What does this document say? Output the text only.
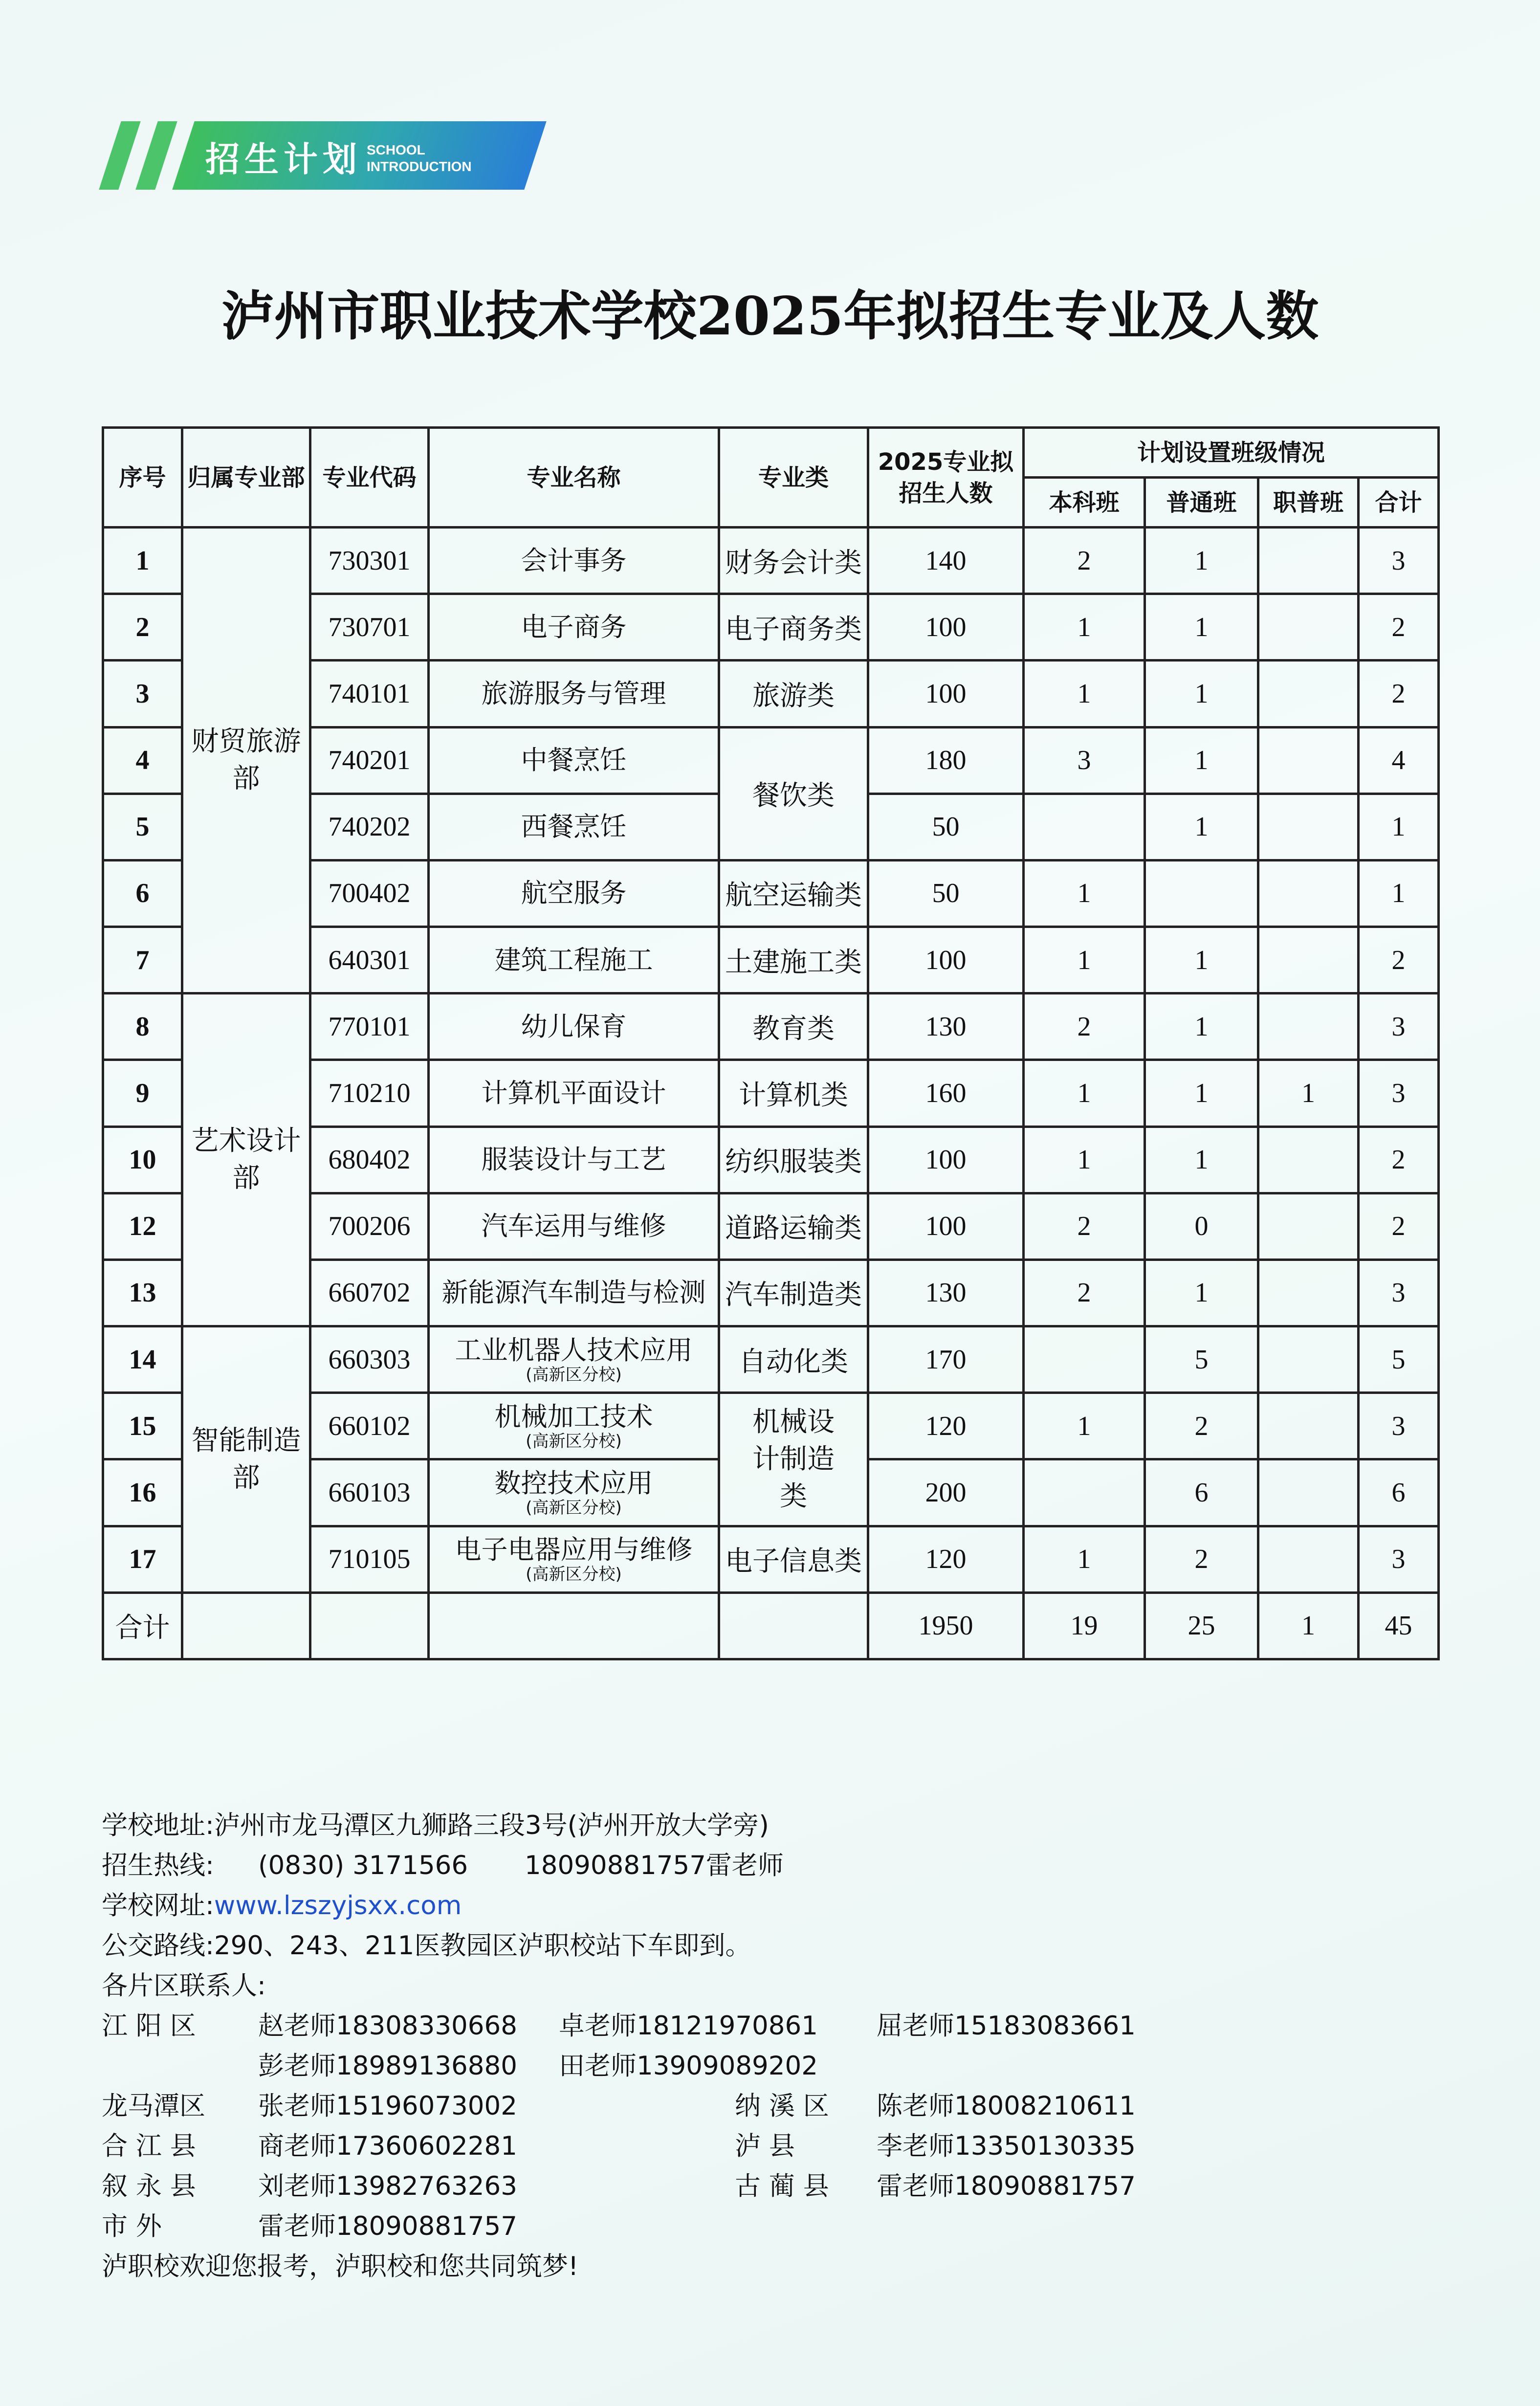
招生计划 SCHOOL
INTRODUCTION
泸州市职业技术学校2025年拟招生专业及人数
序号	归属专业部	专业代码	专业名称	专业类	2025专业拟招生人数	计划设置班级情况			
						本科班	普通班	职普班	合计
1	财贸旅游部	730301	会计事务	财务会计类	140	2	1		3
2		730701	电子商务	电子商务类	100	1	1		2
3		740101	旅游服务与管理	旅游类	100	1	1		2
4		740201	中餐烹饪	餐饮类	180	3	1		4
5		740202	西餐烹饪		50		1		1
6		700402	航空服务	航空运输类	50	1			1
7		640301	建筑工程施工	土建施工类	100	1	1		2
8	艺术设计部	770101	幼儿保育	教育类	130	2	1		3
9		710210	计算机平面设计	计算机类	160	1	1	1	3
10		680402	服装设计与工艺	纺织服装类	100	1	1		2
12		700206	汽车运用与维修	道路运输类	100	2	0		2
13		660702	新能源汽车制造与检测	汽车制造类	130	2	1		3
14	智能制造部	660303	工业机器人技术应用
(高新区分校)	自动化类	170		5		5
15		660102	机械加工技术
(高新区分校)	机械设计制造类	120	1	2		3
16		660103	数控技术应用
(高新区分校)		200		6		6
17		710105	电子电器应用与维修
(高新区分校)	电子信息类	120	1	2		3
合计					1950	19	25	1	45
学校地址:泸州市龙马潭区九狮路三段3号(泸州开放大学旁)
招生热线: (0830) 3171566 18090881757雷老师
学校网址:www.lzszyjsxx.com
公交路线:290、243、211医教园区泸职校站下车即到。
各片区联系人:
江 阳 区 赵老师18308330668 卓老师18121970861 屈老师15183083661
彭老师18989136880 田老师13909089202
龙马潭区 张老师15196073002	纳 溪 区 陈老师18008210611
合 江 县 商老师17360602281	泸 县	李老师13350130335
叙 永 县 刘老师13982763263	古 蔺 县 雷老师18090881757
市 外	雷老师18090881757
泸职校欢迎您报考，泸职校和您共同筑梦!
